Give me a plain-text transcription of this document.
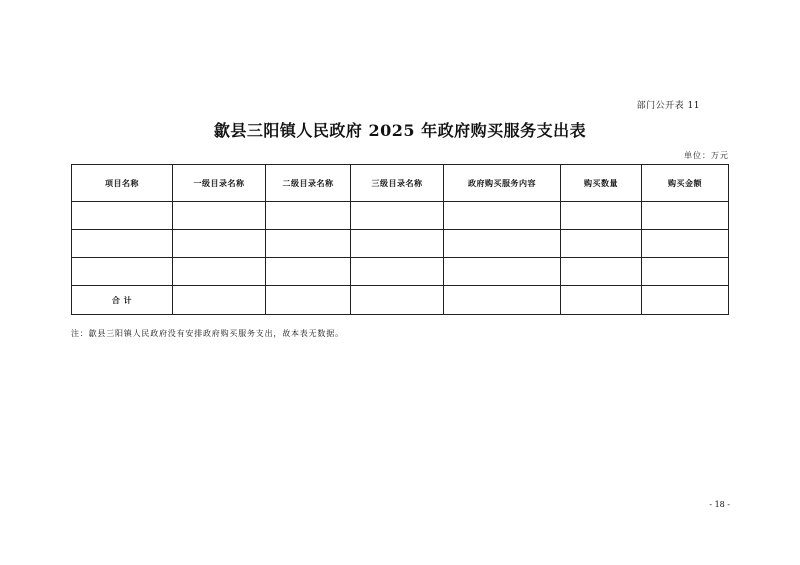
部门公开表 11
歙县三阳镇人民政府 2025 年政府购买服务支出表
单位：万元
项目名称	一级目录名称	二级目录名称	三级目录名称	政府购买服务内容	购买数量	购买金额

合 计						
注：歙县三阳镇人民政府没有安排政府购买服务支出，故本表无数据。
- 18 -
